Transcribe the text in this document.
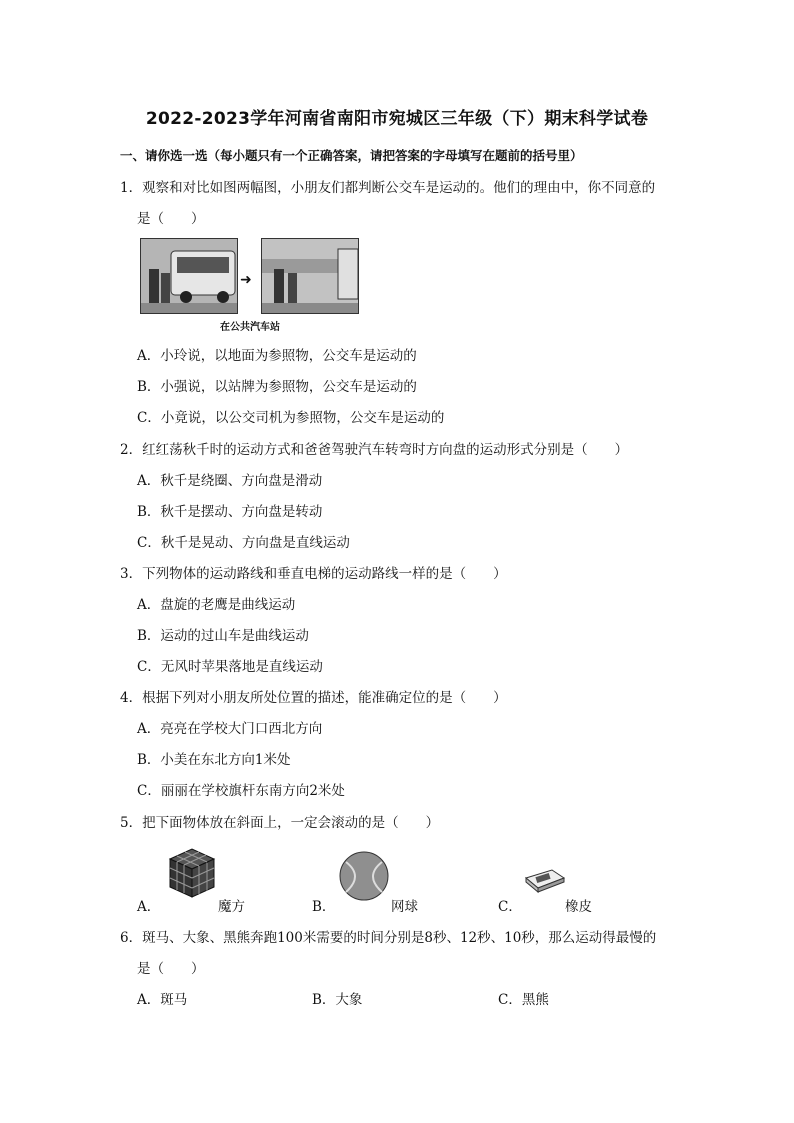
2022-2023学年河南省南阳市宛城区三年级（下）期末科学试卷
一、请你选一选（每小题只有一个正确答案，请把答案的字母填写在题前的括号里）
1．观察和对比如图两幅图，小朋友们都判断公交车是运动的。他们的理由中，你不同意的
是（　　）
➜
在公共汽车站
A．小玲说，以地面为参照物，公交车是运动的
B．小强说，以站牌为参照物，公交车是运动的
C．小竟说，以公交司机为参照物，公交车是运动的
2．红红荡秋千时的运动方式和爸爸驾驶汽车转弯时方向盘的运动形式分别是（　　）
A．秋千是绕圈、方向盘是滑动
B．秋千是摆动、方向盘是转动
C．秋千是晃动、方向盘是直线运动
3．下列物体的运动路线和垂直电梯的运动路线一样的是（　　）
A．盘旋的老鹰是曲线运动
B．运动的过山车是曲线运动
C．无风时苹果落地是直线运动
4．根据下列对小朋友所处位置的描述，能准确定位的是（　　）
A．亮亮在学校大门口西北方向
B．小美在东北方向1米处
C．丽丽在学校旗杆东南方向2米处
5．把下面物体放在斜面上，一定会滚动的是（　　）
A．	魔方	B．	网球	C．	橡皮
6．斑马、大象、黑熊奔跑100米需要的时间分别是8秒、12秒、10秒，那么运动得最慢的
是（　　）
A．斑马	B．大象	C．黑熊
